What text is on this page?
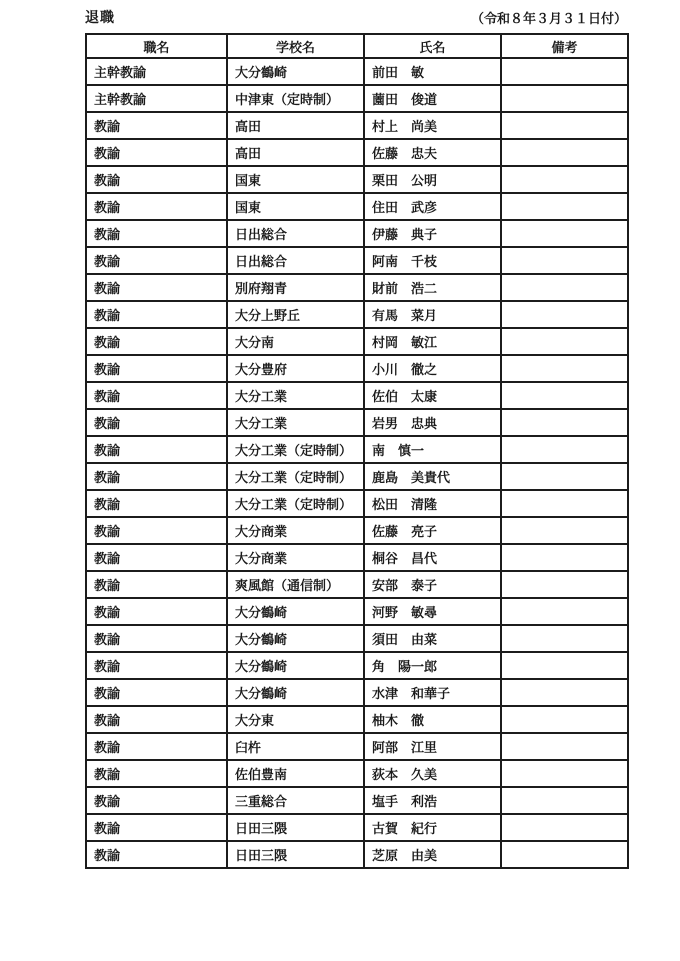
退職	（令和８年３月３１日付）
職名	学校名	氏名	備考
主幹教諭	大分鶴崎	前田　敏	
主幹教諭	中津東（定時制）	薗田　俊道	
教諭	高田	村上　尚美	
教諭	高田	佐藤　忠夫	
教諭	国東	栗田　公明	
教諭	国東	住田　武彦	
教諭	日出総合	伊藤　典子	
教諭	日出総合	阿南　千枝	
教諭	別府翔青	財前　浩二	
教諭	大分上野丘	有馬　菜月	
教諭	大分南	村岡　敏江	
教諭	大分豊府	小川　徹之	
教諭	大分工業	佐伯　太康	
教諭	大分工業	岩男　忠典	
教諭	大分工業（定時制）	南　慎一	
教諭	大分工業（定時制）	鹿島　美貴代	
教諭	大分工業（定時制）	松田　清隆	
教諭	大分商業	佐藤　亮子	
教諭	大分商業	桐谷　昌代	
教諭	爽風館（通信制）	安部　泰子	
教諭	大分鶴崎	河野　敏尋	
教諭	大分鶴崎	須田　由菜	
教諭	大分鶴崎	角　陽一郎	
教諭	大分鶴崎	水津　和華子	
教諭	大分東	柚木　徹	
教諭	臼杵	阿部　江里	
教諭	佐伯豊南	荻本　久美	
教諭	三重総合	塩手　利浩	
教諭	日田三隈	古賀　紀行	
教諭	日田三隈	芝原　由美	
